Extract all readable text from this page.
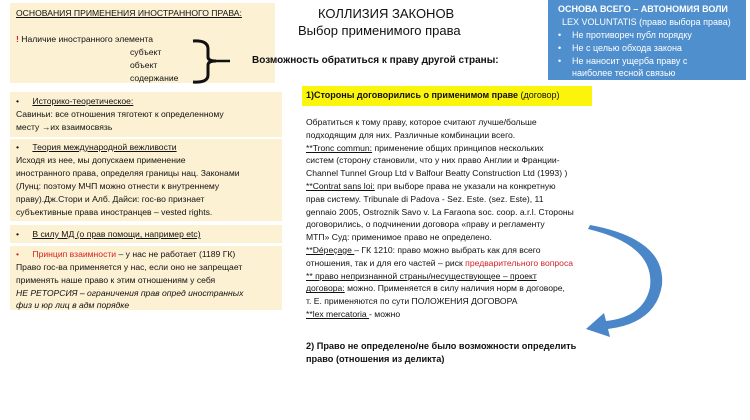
ОСНОВАНИЯ ПРИМЕНЕНИЯ ИНОСТРАННОГО ПРАВА:
! Наличие иностранного элемента
субъект
объект
содержание
КОЛЛИЗИЯ ЗАКОНОВ
Выбор применимого права
Возможность обратиться к праву другой страны:
ОСНОВА ВСЕГО – АВТОНОМИЯ ВОЛИ
LEX VOLUNTATIS (право выбора права)
• Не противореч публ порядку
• Не с целью обхода закона
• Не наносит ущерба праву с
наиболее тесной связью
• Историко-теоретическое:
Савиньи: все отношения тяготеют к определенному
месту →их взаимосвязь
• Теория международной вежливости
Исходя из нее, мы допускаем применение
иностранного права, определяя границы нац. Законами
(Лунц: поэтому МЧП можно отнести к внутреннему
праву).Дж.Стори и Алб. Дайси: гос-во признает
субъективные права иностранцев – vested rights.
• В силу МД (о прав помощи, например etc)
• Принцип взаимности – у нас не работает (1189 ГК)
Право гос-ва применяется у нас, если оно не запрещает
применять наше право к этим отношениям у себя
НЕ РЕТОРСИЯ – ограничения прав опред иностранных
физ и юр лиц в адм порядке
1)Стороны договорились о применимом праве (договор)
Обратиться к тому праву, которое считают лучше/больше
подходящим для них. Различные комбинации всего.
**Tronc commun: применение общих принципов нескольких
систем (сторону становили, что у них право Англии и Франции-
Channel Tunnel Group Ltd v Balfour Beatty Construction Ltd (1993) )
**Contrat sans loi: при выборе права не указали на конкретную
прав систему. Tribunale di Padova - Sez. Este. (sez. Este), 11
gennaio 2005, Ostroznik Savo v. La Faraona soc. coop. a.r.l. Стороны
договорились, о подчинении договора «праву и регламенту
МТП» Суд: применимое право не определено.
**Dépeçage – ГК 1210: право можно выбрать как для всего
отношения, так и для его частей – риск предварительного вопроса
** право непризнанной страны/несуществующее – проект
договора: можно. Применяется в силу наличия норм в договоре,
т. Е. применяются по сути ПОЛОЖЕНИЯ ДОГОВОРА
**lex mercatoria - можно
2) Право не определено/не было возможности определить
право (отношения из деликта)
